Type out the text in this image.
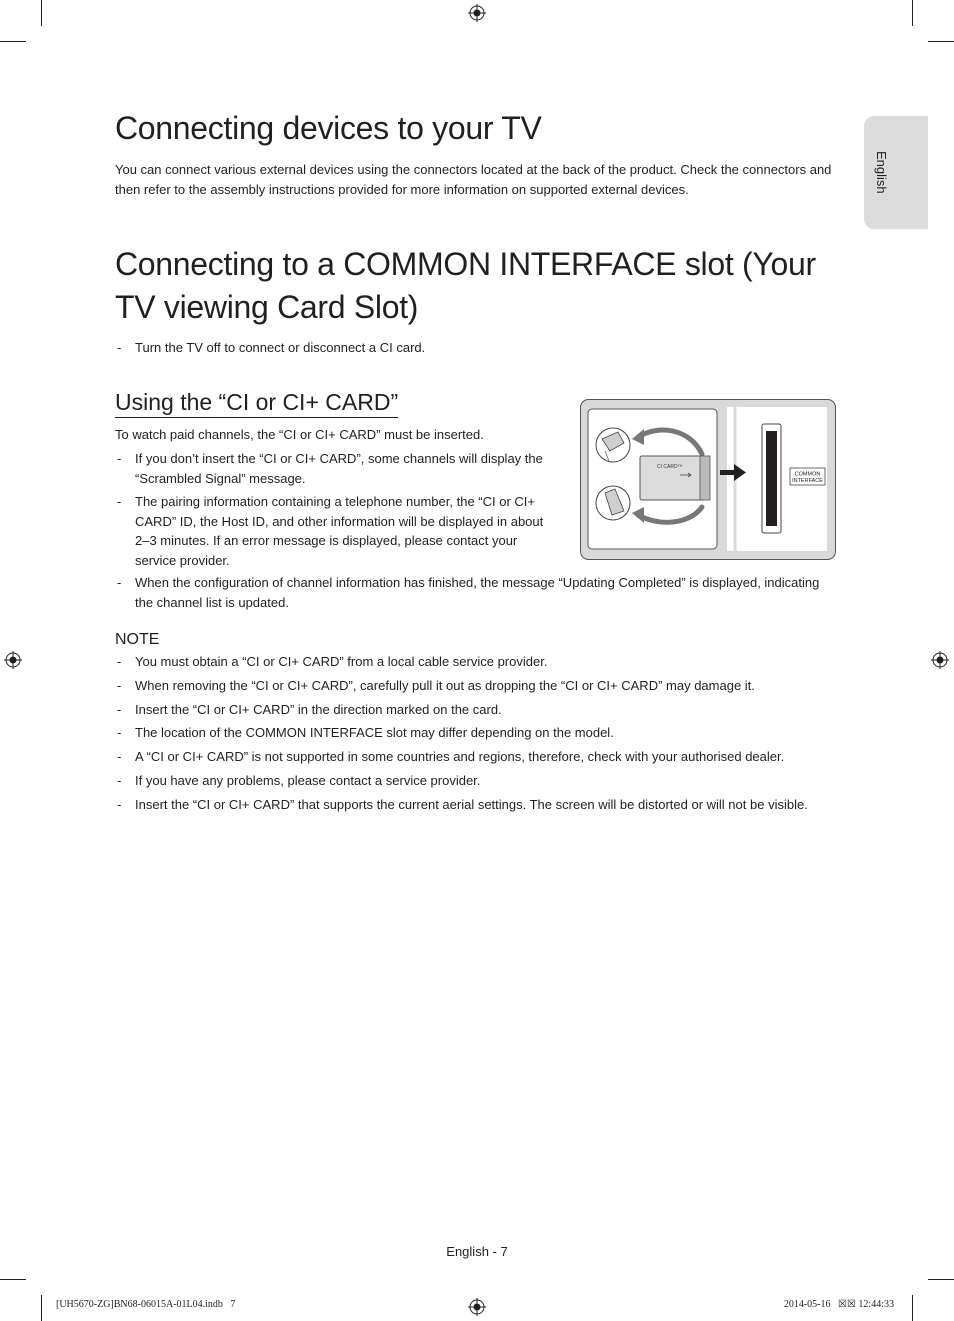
English
Connecting devices to your TV
You can connect various external devices using the connectors located at the back of the product. Check the connectors and then refer to the assembly instructions provided for more information on supported external devices.
Connecting to a COMMON INTERFACE slot (Your TV viewing Card Slot)
- Turn the TV off to connect or disconnect a CI card.
Using the “CI or CI+ CARD”
To watch paid channels, the “CI or CI+ CARD” must be inserted.
- If you don’t insert the “CI or CI+ CARD”, some channels will display the “Scrambled Signal” message.
- The pairing information containing a telephone number, the “CI or CI+ CARD” ID, the Host ID, and other information will be displayed in about 2–3 minutes. If an error message is displayed, please contact your service provider.
- When the configuration of channel information has finished, the message “Updating Completed” is displayed, indicating the channel list is updated.
CI CARD™
COMMON
INTERFACE
NOTE
- You must obtain a “CI or CI+ CARD” from a local cable service provider.
- When removing the “CI or CI+ CARD”, carefully pull it out as dropping the “CI or CI+ CARD” may damage it.
- Insert the “CI or CI+ CARD” in the direction marked on the card.
- The location of the COMMON INTERFACE slot may differ depending on the model.
- A “CI or CI+ CARD” is not supported in some countries and regions, therefore, check with your authorised dealer.
- If you have any problems, please contact a service provider.
- Insert the “CI or CI+ CARD” that supports the current aerial settings. The screen will be distorted or will not be visible.
English - 7
[UH5670-ZG]BN68-06015A-01L04.indb   7	2014-05-16   ☒☒ 12:44:33
